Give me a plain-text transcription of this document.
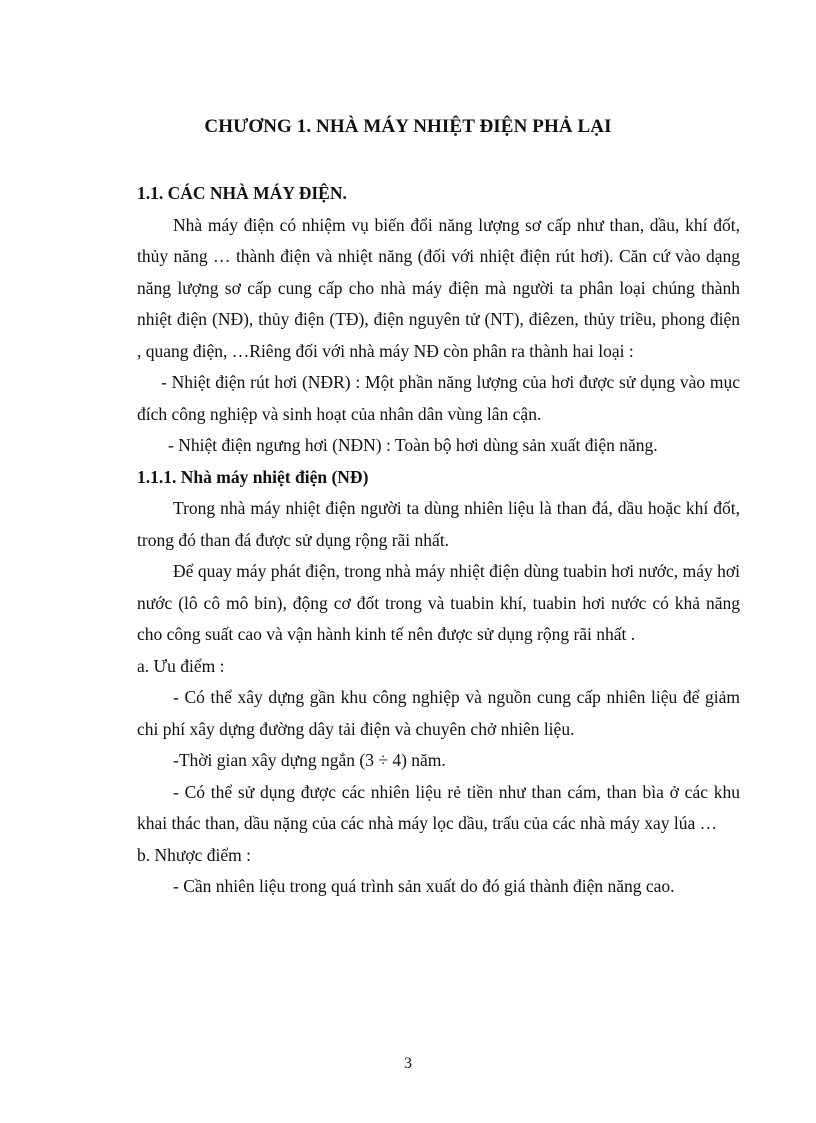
CHƯƠNG 1. NHÀ MÁY NHIỆT ĐIỆN PHẢ LẠI

1.1. CÁC NHÀ MÁY ĐIỆN.

Nhà máy điện có nhiệm vụ biến đổi năng lượng sơ cấp như than, dầu, khí đốt, thủy năng … thành điện và nhiệt năng (đối với nhiệt điện rút hơi). Căn cứ vào dạng năng lượng sơ cấp cung cấp cho nhà máy điện mà người ta phân loại chúng thành nhiệt điện (NĐ), thủy điện (TĐ), điện nguyên tử (NT), điêzen, thủy triều, phong điện , quang điện, …Riêng đối với nhà máy NĐ còn phân ra thành hai loại :

- Nhiệt điện rút hơi (NĐR) : Một phần năng lượng của hơi được sử dụng vào mục đích công nghiệp và sinh hoạt của nhân dân vùng lân cận.

- Nhiệt điện ngưng hơi (NĐN) : Toàn bộ hơi dùng sản xuất điện năng.

1.1.1. Nhà máy nhiệt điện (NĐ)

Trong nhà máy nhiệt điện người ta dùng nhiên liệu là than đá, dầu hoặc khí đốt, trong đó than đá được sử dụng rộng rãi nhất.

Để quay máy phát điện, trong nhà máy nhiệt điện dùng tuabin hơi nước, máy hơi nước (lô cô mô bin), động cơ đốt trong và tuabin khí, tuabin hơi nước có khả năng cho công suất cao và vận hành kinh tế nên được sử dụng rộng rãi nhất .

a. Ưu điểm :

- Có thể xây dựng gần khu công nghiệp và nguồn cung cấp nhiên liệu để giảm chi phí xây dựng đường dây tải điện và chuyên chở nhiên liệu.

-Thời gian xây dựng ngắn (3 ÷ 4) năm.

- Có thể sử dụng được các nhiên liệu rẻ tiền như than cám, than bìa ở các khu khai thác than, dầu nặng của các nhà máy lọc dầu, trấu của các nhà máy xay lúa …

b. Nhược điểm :

- Cần nhiên liệu trong quá trình sản xuất do đó giá thành điện năng cao.

3
